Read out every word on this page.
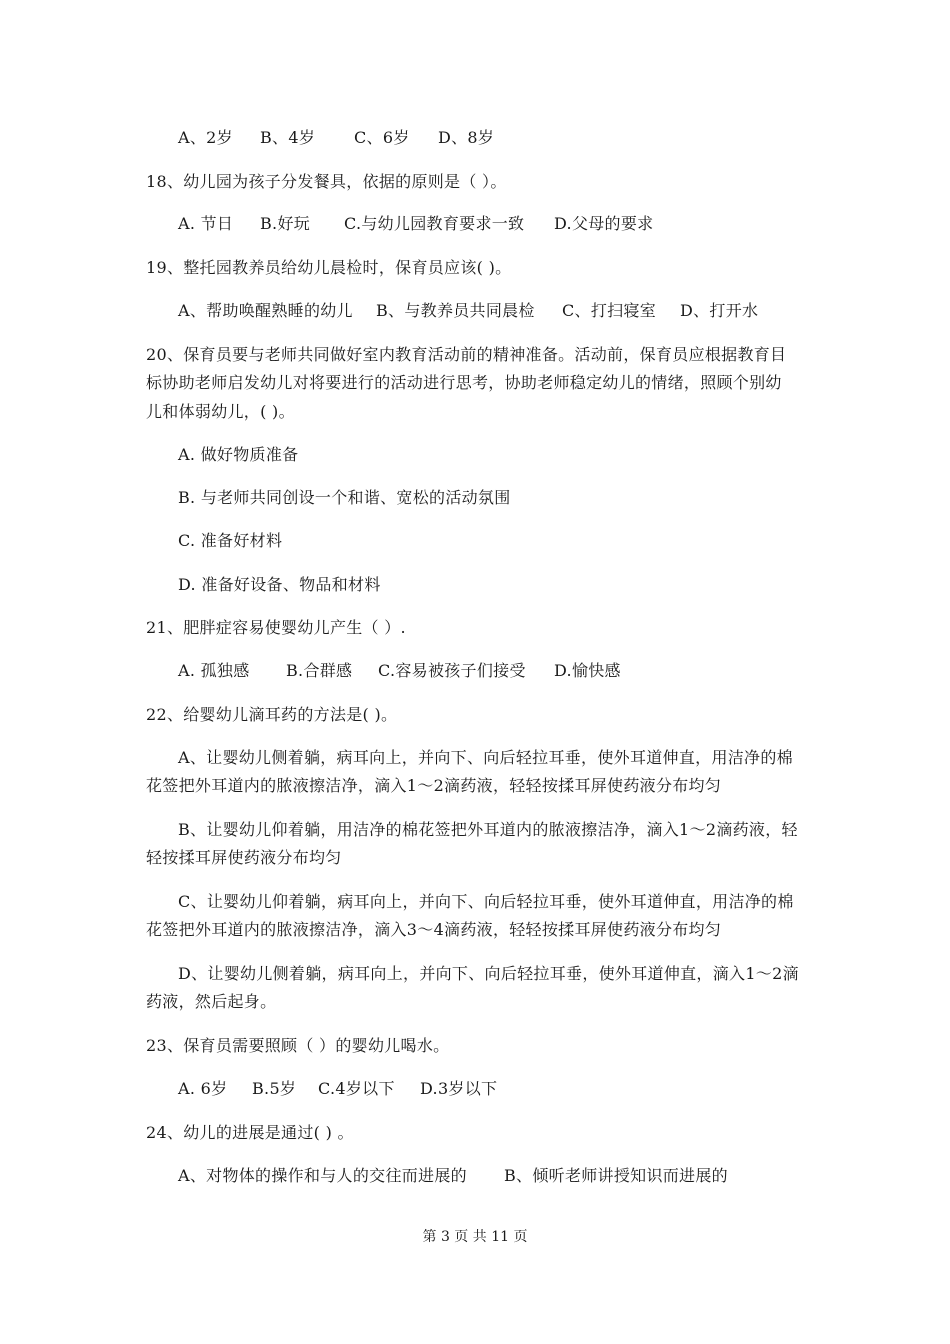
A、2岁 B、4岁 C、6岁 D、8岁
18、幼儿园为孩子分发餐具，依据的原则是（ ）。
A. 节日 B.好玩 C.与幼儿园教育要求一致 D.父母的要求
19、整托园教养员给幼儿晨检时，保育员应该( )。
A、帮助唤醒熟睡的幼儿 B、与教养员共同晨检 C、打扫寝室 D、打开水
20、保育员要与老师共同做好室内教育活动前的精神准备。活动前，保育员应根据教育目
标协助老师启发幼儿对将要进行的活动进行思考，协助老师稳定幼儿的情绪，照顾个别幼
儿和体弱幼儿，( )。
A. 做好物质准备
B. 与老师共同创设一个和谐、宽松的活动氛围
C. 准备好材料
D. 准备好设备、物品和材料
21、肥胖症容易使婴幼儿产生（ ）.
A. 孤独感 B.合群感 C.容易被孩子们接受 D.愉快感
22、给婴幼儿滴耳药的方法是( )。
A、让婴幼儿侧着躺，病耳向上，并向下、向后轻拉耳垂，使外耳道伸直，用洁净的棉
花签把外耳道内的脓液擦洁净，滴入1～2滴药液，轻轻按揉耳屏使药液分布均匀
B、让婴幼儿仰着躺，用洁净的棉花签把外耳道内的脓液擦洁净，滴入1～2滴药液，轻
轻按揉耳屏使药液分布均匀
C、让婴幼儿仰着躺，病耳向上，并向下、向后轻拉耳垂，使外耳道伸直，用洁净的棉
花签把外耳道内的脓液擦洁净，滴入3～4滴药液，轻轻按揉耳屏使药液分布均匀
D、让婴幼儿侧着躺，病耳向上，并向下、向后轻拉耳垂，使外耳道伸直，滴入1～2滴
药液，然后起身。
23、保育员需要照顾（ ）的婴幼儿喝水。
A. 6岁 B.5岁 C.4岁以下 D.3岁以下
24、幼儿的进展是通过( ) 。
A、对物体的操作和与人的交往而进展的 B、倾听老师讲授知识而进展的
第 3 页 共 11 页
